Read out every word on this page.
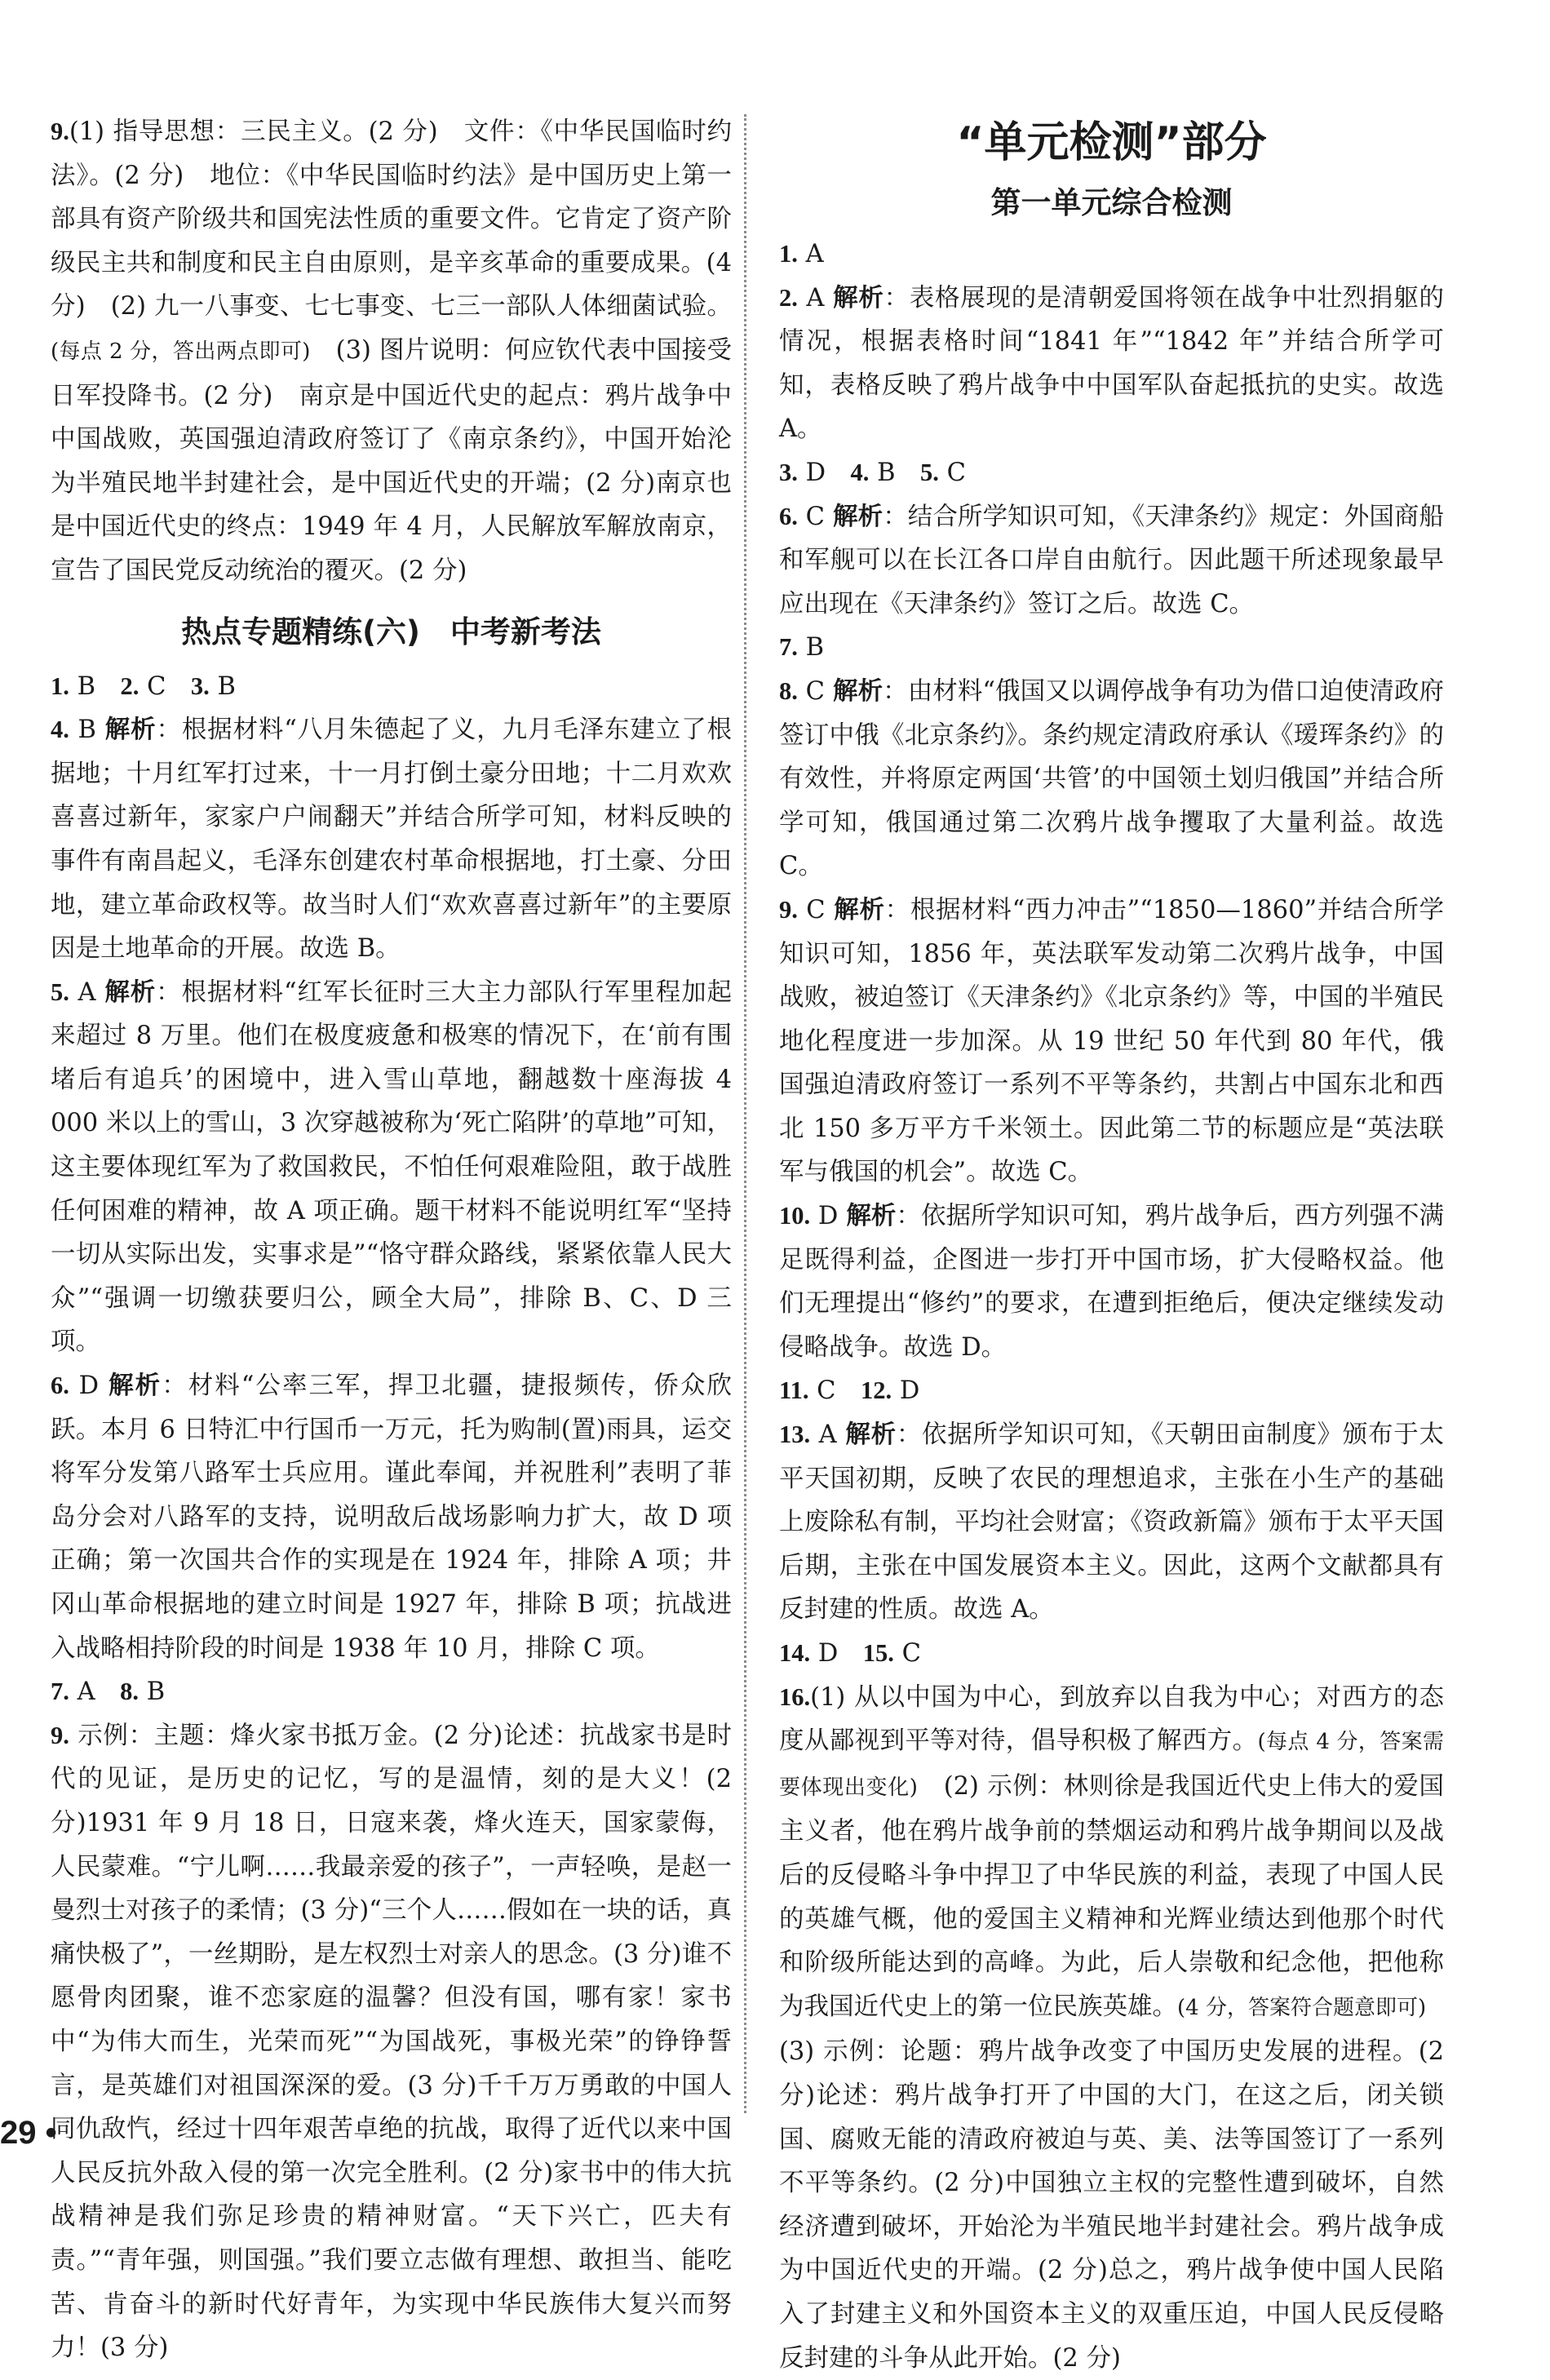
9.(1) 指导思想：三民主义。(2 分)　文件：《中华民国临时约法》。(2 分)　地位：《中华民国临时约法》是中国历史上第一部具有资产阶级共和国宪法性质的重要文件。它肯定了资产阶级民主共和制度和民主自由原则，是辛亥革命的重要成果。(4 分)　(2) 九一八事变、七七事变、七三一部队人体细菌试验。(每点 2 分，答出两点即可)　(3) 图片说明：何应钦代表中国接受日军投降书。(2 分)　南京是中国近代史的起点：鸦片战争中中国战败，英国强迫清政府签订了《南京条约》，中国开始沦为半殖民地半封建社会，是中国近代史的开端；(2 分)南京也是中国近代史的终点：1949 年 4 月，人民解放军解放南京，宣告了国民党反动统治的覆灭。(2 分)

热点专题精练(六)　中考新考法

1. B　 2. C　 3. B

4. B 解析：根据材料“八月朱德起了义，九月毛泽东建立了根据地；十月红军打过来，十一月打倒土豪分田地；十二月欢欢喜喜过新年，家家户户闹翻天”并结合所学可知，材料反映的事件有南昌起义，毛泽东创建农村革命根据地，打土豪、分田地，建立革命政权等。故当时人们“欢欢喜喜过新年”的主要原因是土地革命的开展。故选 B。

5. A 解析：根据材料“红军长征时三大主力部队行军里程加起来超过 8 万里。他们在极度疲惫和极寒的情况下，在‘前有围堵后有追兵’的困境中，进入雪山草地，翻越数十座海拔 4 000 米以上的雪山，3 次穿越被称为‘死亡陷阱’的草地”可知，这主要体现红军为了救国救民，不怕任何艰难险阻，敢于战胜任何困难的精神，故 A 项正确。题干材料不能说明红军“坚持一切从实际出发，实事求是”“恪守群众路线，紧紧依靠人民大众”“强调一切缴获要归公，顾全大局”，排除 B、C、D 三项。

6. D 解析：材料“公率三军，捍卫北疆，捷报频传，侨众欣跃。本月 6 日特汇中行国币一万元，托为购制(置)雨具，运交将军分发第八路军士兵应用。谨此奉闻，并祝胜利”表明了菲岛分会对八路军的支持，说明敌后战场影响力扩大，故 D 项正确；第一次国共合作的实现是在 1924 年，排除 A 项；井冈山革命根据地的建立时间是 1927 年，排除 B 项；抗战进入战略相持阶段的时间是 1938 年 10 月，排除 C 项。

7. A　 8. B

9. 示例：主题：烽火家书抵万金。(2 分)论述：抗战家书是时代的见证，是历史的记忆，写的是温情，刻的是大义！(2 分)1931 年 9 月 18 日，日寇来袭，烽火连天，国家蒙侮，人民蒙难。“宁儿啊……我最亲爱的孩子”，一声轻唤，是赵一曼烈士对孩子的柔情；(3 分)“三个人……假如在一块的话，真痛快极了”，一丝期盼，是左权烈士对亲人的思念。(3 分)谁不愿骨肉团聚，谁不恋家庭的温馨？但没有国，哪有家！家书中“为伟大而生，光荣而死”“为国战死，事极光荣”的铮铮誓言，是英雄们对祖国深深的爱。(3 分)千千万万勇敢的中国人同仇敌忾，经过十四年艰苦卓绝的抗战，取得了近代以来中国人民反抗外敌入侵的第一次完全胜利。(2 分)家书中的伟大抗战精神是我们弥足珍贵的精神财富。“天下兴亡，匹夫有责。”“青年强，则国强。”我们要立志做有理想、敢担当、能吃苦、肯奋斗的新时代好青年，为实现中华民族伟大复兴而努力！(3 分)

“单元检测”部分
第一单元综合检测

1. A

2. A 解析：表格展现的是清朝爱国将领在战争中壮烈捐躯的情况，根据表格时间“1841 年”“1842 年”并结合所学可知，表格反映了鸦片战争中中国军队奋起抵抗的史实。故选 A。

3. D　 4. B　 5. C

6. C 解析：结合所学知识可知，《天津条约》规定：外国商船和军舰可以在长江各口岸自由航行。因此题干所述现象最早应出现在《天津条约》签订之后。故选 C。

7. B

8. C 解析：由材料“俄国又以调停战争有功为借口迫使清政府签订中俄《北京条约》。条约规定清政府承认《瑷珲条约》的有效性，并将原定两国‘共管’的中国领土划归俄国”并结合所学可知，俄国通过第二次鸦片战争攫取了大量利益。故选 C。

9. C 解析：根据材料“西力冲击”“1850—1860”并结合所学知识可知，1856 年，英法联军发动第二次鸦片战争，中国战败，被迫签订《天津条约》《北京条约》等，中国的半殖民地化程度进一步加深。从 19 世纪 50 年代到 80 年代，俄国强迫清政府签订一系列不平等条约，共割占中国东北和西北 150 多万平方千米领土。因此第二节的标题应是“英法联军与俄国的机会”。故选 C。

10. D 解析：依据所学知识可知，鸦片战争后，西方列强不满足既得利益，企图进一步打开中国市场，扩大侵略权益。他们无理提出“修约”的要求，在遭到拒绝后，便决定继续发动侵略战争。故选 D。

11. C　 12. D

13. A 解析：依据所学知识可知，《天朝田亩制度》颁布于太平天国初期，反映了农民的理想追求，主张在小生产的基础上废除私有制，平均社会财富；《资政新篇》颁布于太平天国后期，主张在中国发展资本主义。因此，这两个文献都具有反封建的性质。故选 A。

14. D　 15. C

16.(1) 从以中国为中心，到放弃以自我为中心；对西方的态度从鄙视到平等对待，倡导积极了解西方。(每点 4 分，答案需要体现出变化)　(2) 示例：林则徐是我国近代史上伟大的爱国主义者，他在鸦片战争前的禁烟运动和鸦片战争期间以及战后的反侵略斗争中捍卫了中华民族的利益，表现了中国人民的英雄气概，他的爱国主义精神和光辉业绩达到他那个时代和阶级所能达到的高峰。为此，后人崇敬和纪念他，把他称为我国近代史上的第一位民族英雄。(4 分，答案符合题意即可)　(3) 示例：论题：鸦片战争改变了中国历史发展的进程。(2 分)论述：鸦片战争打开了中国的大门，在这之后，闭关锁国、腐败无能的清政府被迫与英、美、法等国签订了一系列不平等条约。(2 分)中国独立主权的完整性遭到破坏，自然经济遭到破坏，开始沦为半殖民地半封建社会。鸦片战争成为中国近代史的开端。(2 分)总之，鸦片战争使中国人民陷入了封建主义和外国资本主义的双重压迫，中国人民反侵略反封建的斗争从此开始。(2 分)

29 •
